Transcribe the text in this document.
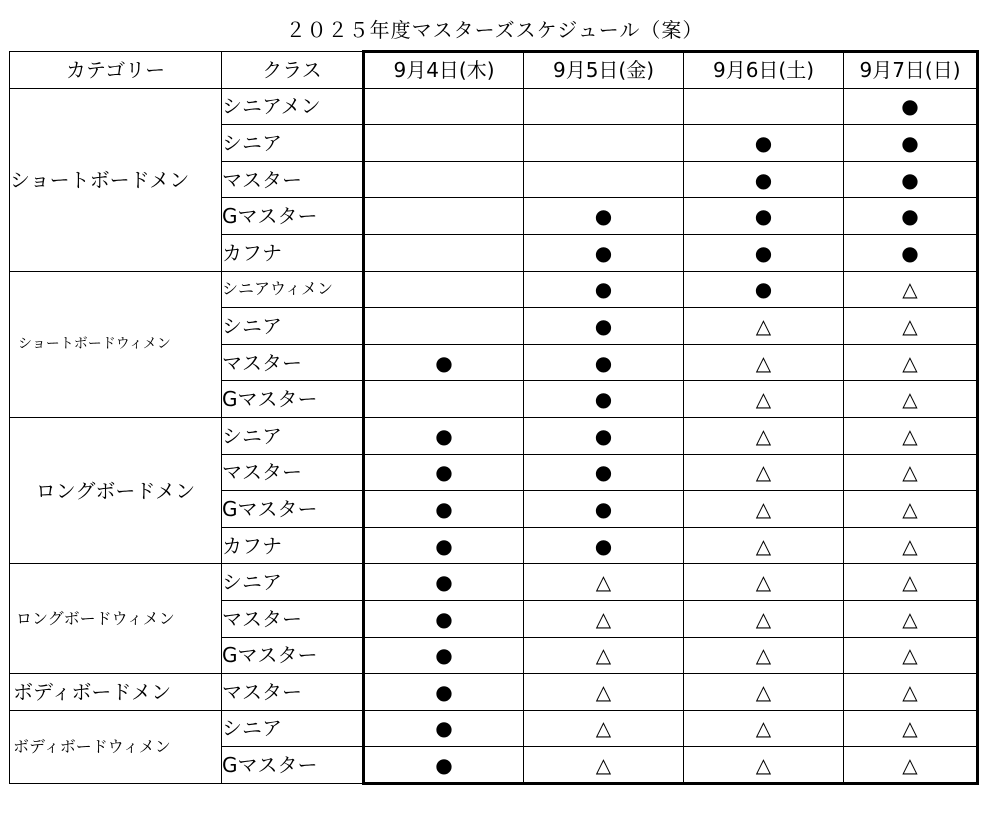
２０２５年度マスターズスケジュール（案）
カテゴリー	クラス	9月4日(木)	9月5日(金)	9月6日(土)	9月7日(日)
ショートボードメン	シニアメン				●
	シニア			●	●
	マスター			●	●
	Gマスター		●	●	●
	カフナ		●	●	●
ショートボードウィメン	シニアウィメン		●	●	△
	シニア		●	△	△
	マスター	●	●	△	△
	Gマスター		●	△	△
ロングボードメン	シニア	●	●	△	△
	マスター	●	●	△	△
	Gマスター	●	●	△	△
	カフナ	●	●	△	△
ロングボードウィメン	シニア	●	△	△	△
	マスター	●	△	△	△
	Gマスター	●	△	△	△
ボディボードメン	マスター	●	△	△	△
ボディボードウィメン	シニア	●	△	△	△
	Gマスター	●	△	△	△
